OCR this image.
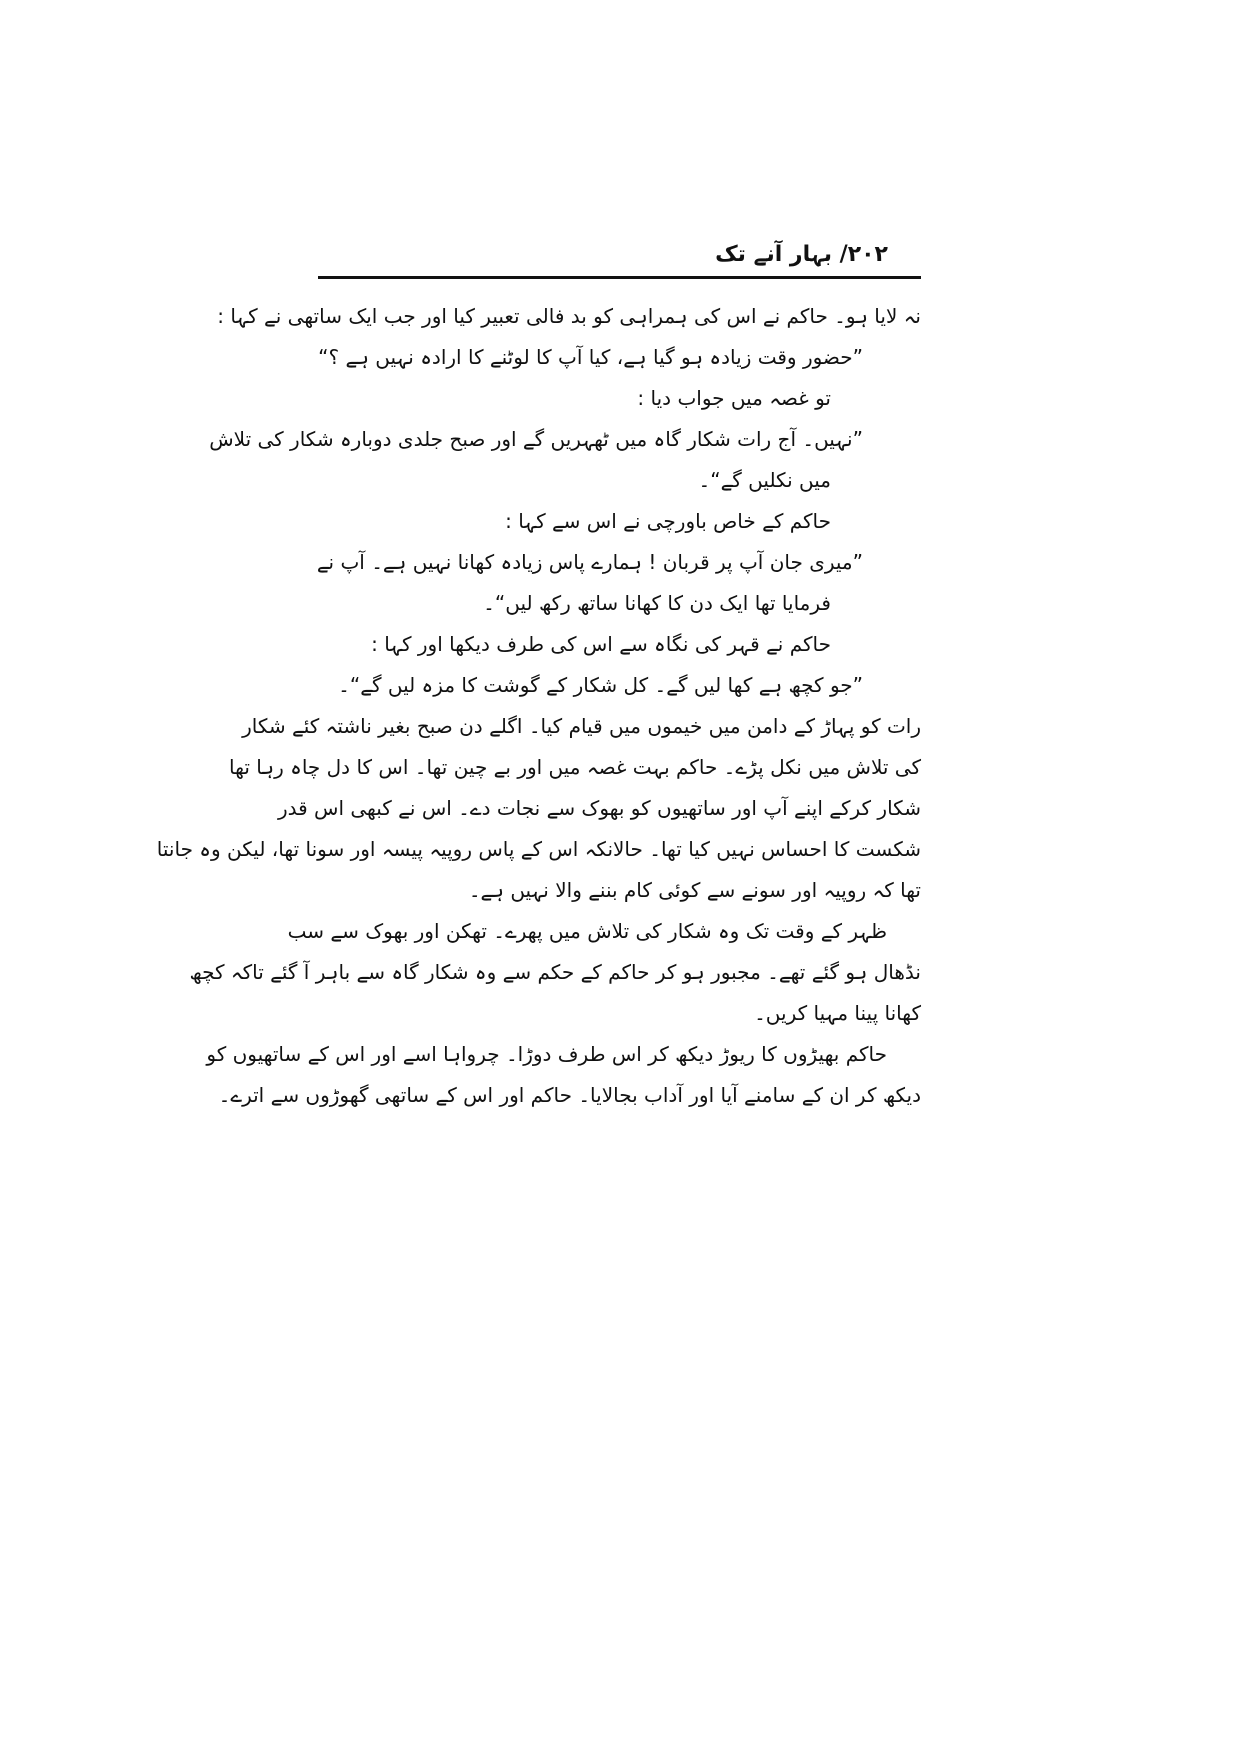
۲۰۲/ بہار آنے تک
نہ لایا ہو۔ حاکم نے اس کی ہمراہی کو بد فالی تعبیر کیا اور جب ایک ساتھی نے کہا :
”حضور وقت زیادہ ہو گیا ہے، کیا آپ کا لوٹنے کا ارادہ نہیں ہے ؟“
تو غصہ میں جواب دیا :
”نہیں۔ آج رات شکار گاہ میں ٹھہریں گے اور صبح جلدی دوبارہ شکار کی تلاش
میں نکلیں گے“۔
حاکم کے خاص باورچی نے اس سے کہا :
”میری جان آپ پر قربان ! ہمارے پاس زیادہ کھانا نہیں ہے۔ آپ نے
فرمایا تھا ایک دن کا کھانا ساتھ رکھ لیں“۔
حاکم نے قہر کی نگاہ سے اس کی طرف دیکھا اور کہا :
”جو کچھ ہے کھا لیں گے۔ کل شکار کے گوشت کا مزہ لیں گے“۔
رات کو پہاڑ کے دامن میں خیموں میں قیام کیا۔ اگلے دن صبح بغیر ناشتہ کئے شکار
کی تلاش میں نکل پڑے۔ حاکم بہت غصہ میں اور بے چین تھا۔ اس کا دل چاہ رہا تھا
شکار کرکے اپنے آپ اور ساتھیوں کو بھوک سے نجات دے۔ اس نے کبھی اس قدر
شکست کا احساس نہیں کیا تھا۔ حالانکہ اس کے پاس روپیہ پیسہ اور سونا تھا، لیکن وہ جانتا
تھا کہ روپیہ اور سونے سے کوئی کام بننے والا نہیں ہے۔
ظہر کے وقت تک وہ شکار کی تلاش میں پھرے۔ تھکن اور بھوک سے سب
نڈھال ہو گئے تھے۔ مجبور ہو کر حاکم کے حکم سے وہ شکار گاہ سے باہر آ گئے تاکہ کچھ
کھانا پینا مہیا کریں۔
حاکم بھیڑوں کا ریوڑ دیکھ کر اس طرف دوڑا۔ چرواہا اسے اور اس کے ساتھیوں کو
دیکھ کر ان کے سامنے آیا اور آداب بجالایا۔ حاکم اور اس کے ساتھی گھوڑوں سے اترے۔
